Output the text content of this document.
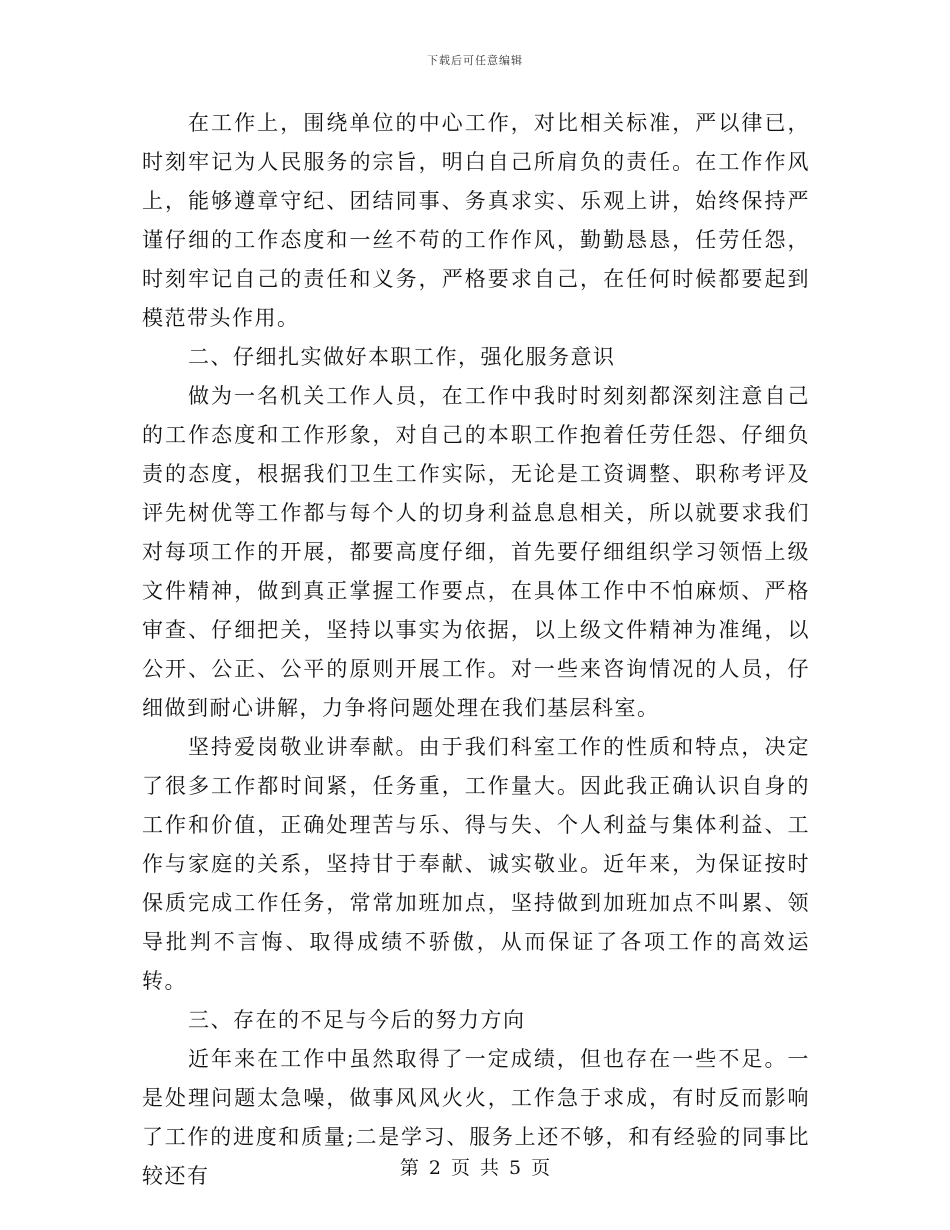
下载后可任意编辑

在工作上，围绕单位的中心工作，对比相关标准，严以律已，时刻牢记为人民服务的宗旨，明白自己所肩负的责任。在工作作风上，能够遵章守纪、团结同事、务真求实、乐观上讲，始终保持严谨仔细的工作态度和一丝不苟的工作作风，勤勤恳恳，任劳任怨，时刻牢记自己的责任和义务，严格要求自己，在任何时候都要起到模范带头作用。

二、仔细扎实做好本职工作，强化服务意识

做为一名机关工作人员，在工作中我时时刻刻都深刻注意自己的工作态度和工作形象，对自己的本职工作抱着任劳任怨、仔细负责的态度，根据我们卫生工作实际，无论是工资调整、职称考评及评先树优等工作都与每个人的切身利益息息相关，所以就要求我们对每项工作的开展，都要高度仔细，首先要仔细组织学习领悟上级文件精神，做到真正掌握工作要点，在具体工作中不怕麻烦、严格审查、仔细把关，坚持以事实为依据，以上级文件精神为准绳，以公开、公正、公平的原则开展工作。对一些来咨询情况的人员，仔细做到耐心讲解，力争将问题处理在我们基层科室。

坚持爱岗敬业讲奉献。由于我们科室工作的性质和特点，决定了很多工作都时间紧，任务重，工作量大。因此我正确认识自身的工作和价值，正确处理苦与乐、得与失、个人利益与集体利益、工作与家庭的关系，坚持甘于奉献、诚实敬业。近年来，为保证按时保质完成工作任务，常常加班加点，坚持做到加班加点不叫累、领导批判不言悔、取得成绩不骄傲，从而保证了各项工作的高效运转。

三、存在的不足与今后的努力方向

近年来在工作中虽然取得了一定成绩，但也存在一些不足。一是处理问题太急噪，做事风风火火，工作急于求成，有时反而影响了工作的进度和质量;二是学习、服务上还不够，和有经验的同事比较还有	第 2 页 共 5 页
